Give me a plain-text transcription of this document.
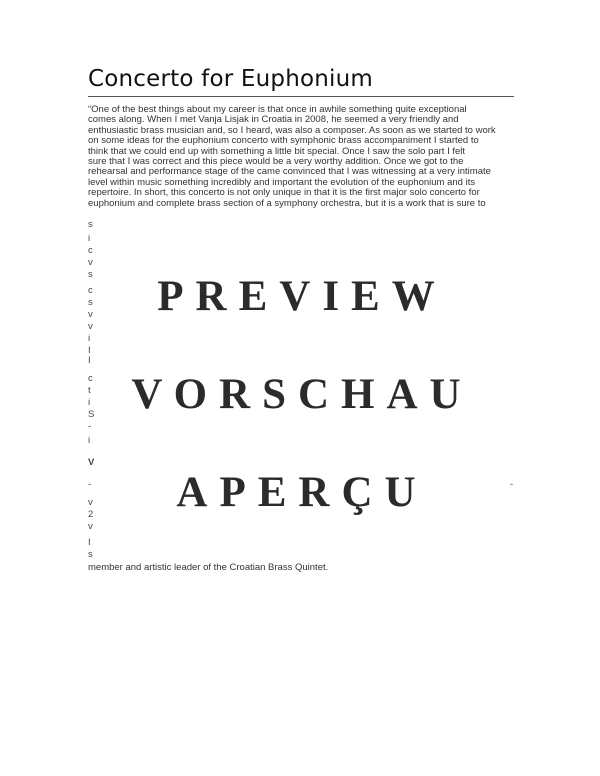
Concerto for Euphonium

“One of the best things about my career is that once in awhile something quite exceptional
comes along. When I met Vanja Lisjak in Croatia in 2008, he seemed a very friendly and
enthusiastic brass musician and, so I heard, was also a composer. As soon as we started to work
on some ideas for the euphonium concerto with symphonic brass accompaniment I started to
think that we could end up with something a little bit special. Once I saw the solo part I felt
sure that I was correct and this piece would be a very worthy addition. Once we got to the
rehearsal and performance stage of the came convinced that I was witnessing at a very intimate
level within music something incredibly and important the evolution of the euphonium and its
repertoire. In short, this concerto is not only unique in that it is the first major solo concerto for
euphonium and complete brass section of a symphony orchestra, but it is a work that is sure to

s
i
c
v
s
c
s
v
v
i
I
I
c
t
i
S
-
i
V
-	-
v
2
v
I
s
PREVIEW
VORSCHAU
APERÇU

member and artistic leader of the Croatian Brass Quintet.
